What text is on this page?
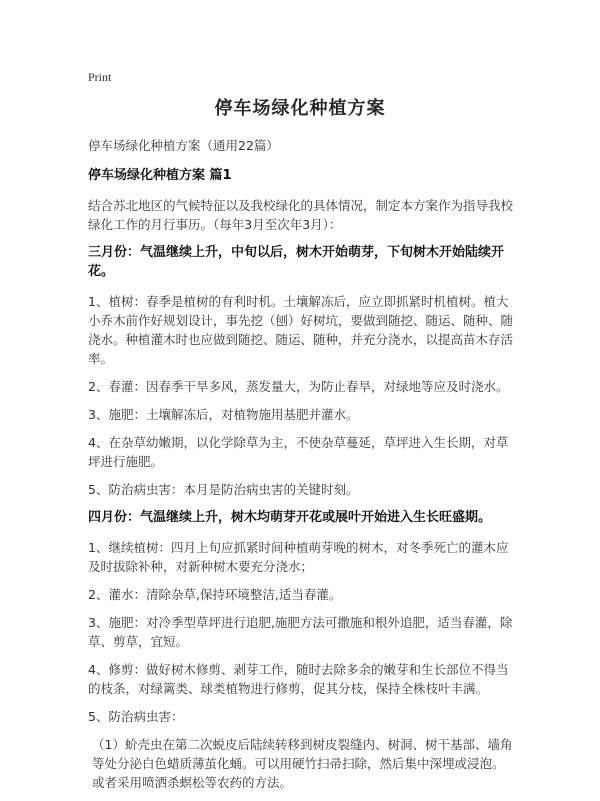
Print
停车场绿化种植方案

停车场绿化种植方案（通用22篇）

停车场绿化种植方案 篇1

结合苏北地区的气候特征以及我校绿化的具体情况，制定本方案作为指导我校绿化工作的月行事历。（每年3月至次年3月）：

三月份：气温继续上升，中旬以后，树木开始萌芽，下旬树木开始陆续开花。

1、植树：春季是植树的有利时机。土壤解冻后，应立即抓紧时机植树。植大小乔木前作好规划设计，事先挖（刨）好树坑，要做到随挖、随运、随种、随浇水。种植灌木时也应做到随挖、随运、随种，并充分浇水，以提高苗木存活率。

2、春灌：因春季干旱多风，蒸发量大，为防止春旱，对绿地等应及时浇水。

3、施肥：土壤解冻后，对植物施用基肥并灌水。

4、在杂草幼嫩期，以化学除草为主，不使杂草蔓延，草坪进入生长期，对草坪进行施肥。

5、防治病虫害：本月是防治病虫害的关键时刻。

四月份：气温继续上升，树木均萌芽开花或展叶开始进入生长旺盛期。

1、继续植树：四月上旬应抓紧时间种植萌芽晚的树木，对冬季死亡的灌木应及时拔除补种，对新种树木要充分浇水；

2、灌水：清除杂草,保持环境整洁,适当春灌。

3、施肥：对冷季型草坪进行追肥,施肥方法可撒施和根外追肥，适当春灌，除草、剪草，宜短。

4、修剪：做好树木修剪、剥芽工作，随时去除多余的嫩芽和生长部位不得当的枝条，对绿篱类、球类植物进行修剪，促其分枝，保持全株枝叶丰满。

5、防治病虫害：

（1）蚧壳虫在第二次蜕皮后陆续转移到树皮裂缝内、树洞、树干基部、墙角等处分泌白色蜡质薄茧化蛹。可以用硬竹扫帚扫除，然后集中深埋或浸泡。或者采用喷洒杀螟松等农药的方法。
